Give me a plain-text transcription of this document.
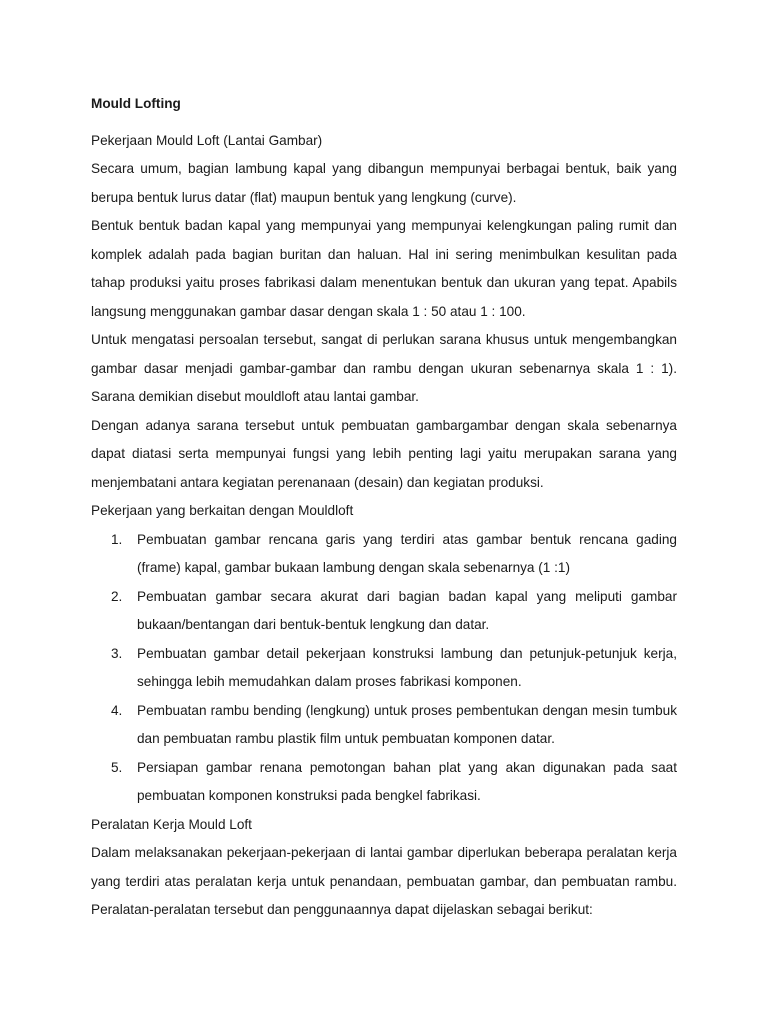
Mould Lofting

Pekerjaan Mould Loft (Lantai Gambar)

Secara umum, bagian lambung kapal yang dibangun mempunyai berbagai bentuk, baik yang berupa bentuk lurus datar (flat) maupun bentuk yang lengkung (curve).

Bentuk bentuk badan kapal yang mempunyai yang mempunyai kelengkungan paling rumit dan komplek adalah pada bagian buritan dan haluan. Hal ini sering menimbulkan kesulitan pada tahap produksi yaitu proses fabrikasi dalam menentukan bentuk dan ukuran yang tepat. Apabils langsung menggunakan gambar dasar dengan skala 1 : 50 atau 1 : 100.

Untuk mengatasi persoalan tersebut, sangat di perlukan sarana khusus untuk mengembangkan gambar dasar menjadi gambar-gambar dan rambu dengan ukuran sebenarnya skala 1 : 1). Sarana demikian disebut mouldloft atau lantai gambar.

Dengan adanya sarana tersebut untuk pembuatan gambargambar dengan skala sebenarnya dapat diatasi serta mempunyai fungsi yang lebih penting lagi yaitu merupakan sarana yang menjembatani antara kegiatan perenanaan (desain) dan kegiatan produksi.

Pekerjaan yang berkaitan dengan Mouldloft

1. Pembuatan gambar rencana garis yang terdiri atas gambar bentuk rencana gading (frame) kapal, gambar bukaan lambung dengan skala sebenarnya (1 :1)
2. Pembuatan gambar secara akurat dari bagian badan kapal yang meliputi gambar bukaan/bentangan dari bentuk-bentuk lengkung dan datar.
3. Pembuatan gambar detail pekerjaan konstruksi lambung dan petunjuk-petunjuk kerja, sehingga lebih memudahkan dalam proses fabrikasi komponen.
4. Pembuatan rambu bending (lengkung) untuk proses pembentukan dengan mesin tumbuk dan pembuatan rambu plastik film untuk pembuatan komponen datar.
5. Persiapan gambar renana pemotongan bahan plat yang akan digunakan pada saat pembuatan komponen konstruksi pada bengkel fabrikasi.

Peralatan Kerja Mould Loft

Dalam melaksanakan pekerjaan-pekerjaan di lantai gambar diperlukan beberapa peralatan kerja yang terdiri atas peralatan kerja untuk penandaan, pembuatan gambar, dan pembuatan rambu. Peralatan-peralatan tersebut dan penggunaannya dapat dijelaskan sebagai berikut:
